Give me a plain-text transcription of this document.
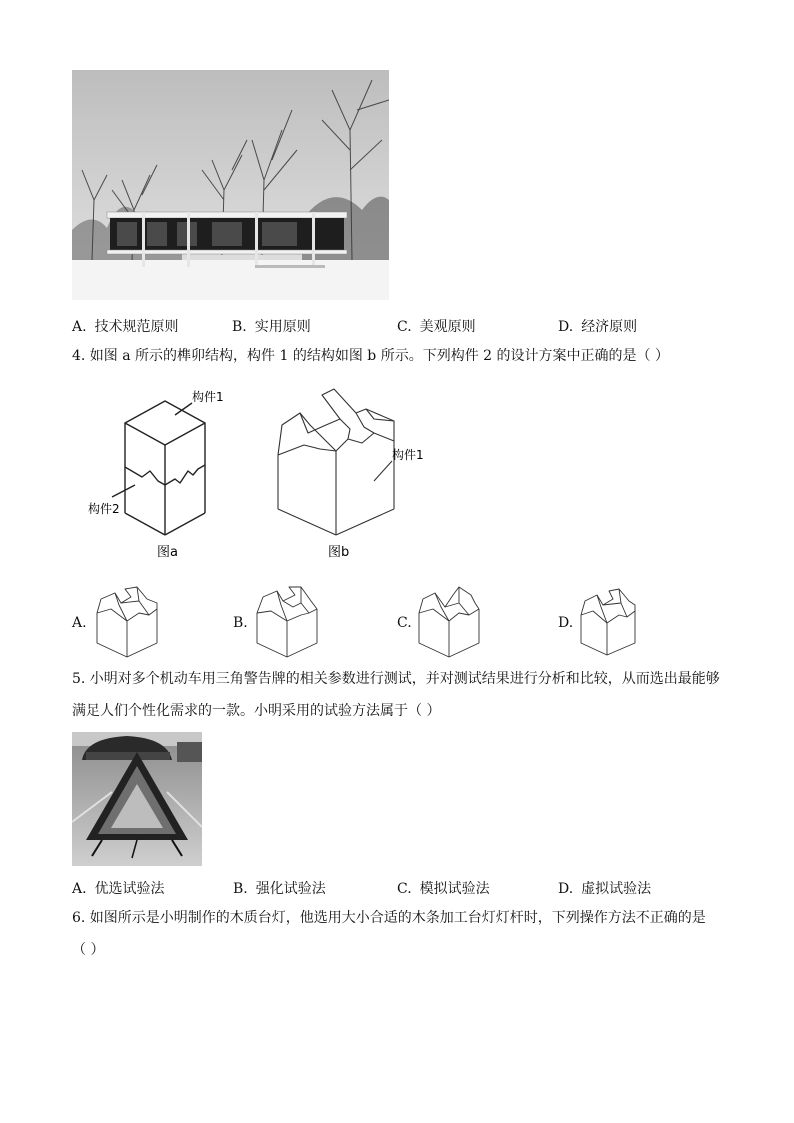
A. 技术规范原则	B. 实用原则	C. 美观原则	D. 经济原则
4. 如图 a 所示的榫卯结构，构件 1 的结构如图 b 所示。下列构件 2 的设计方案中正确的是（ ）
构件1
构件2
图a
构件1
图b
A.	B.	C.	D.
5. 小明对多个机动车用三角警告牌的相关参数进行测试，并对测试结果进行分析和比较，从而选出最能够
满足人们个性化需求的一款。小明采用的试验方法属于（ ）
A. 优选试验法	B. 强化试验法	C. 模拟试验法	D. 虚拟试验法
6. 如图所示是小明制作的木质台灯，他选用大小合适的木条加工台灯灯杆时，下列操作方法不正确的是
（ ）
